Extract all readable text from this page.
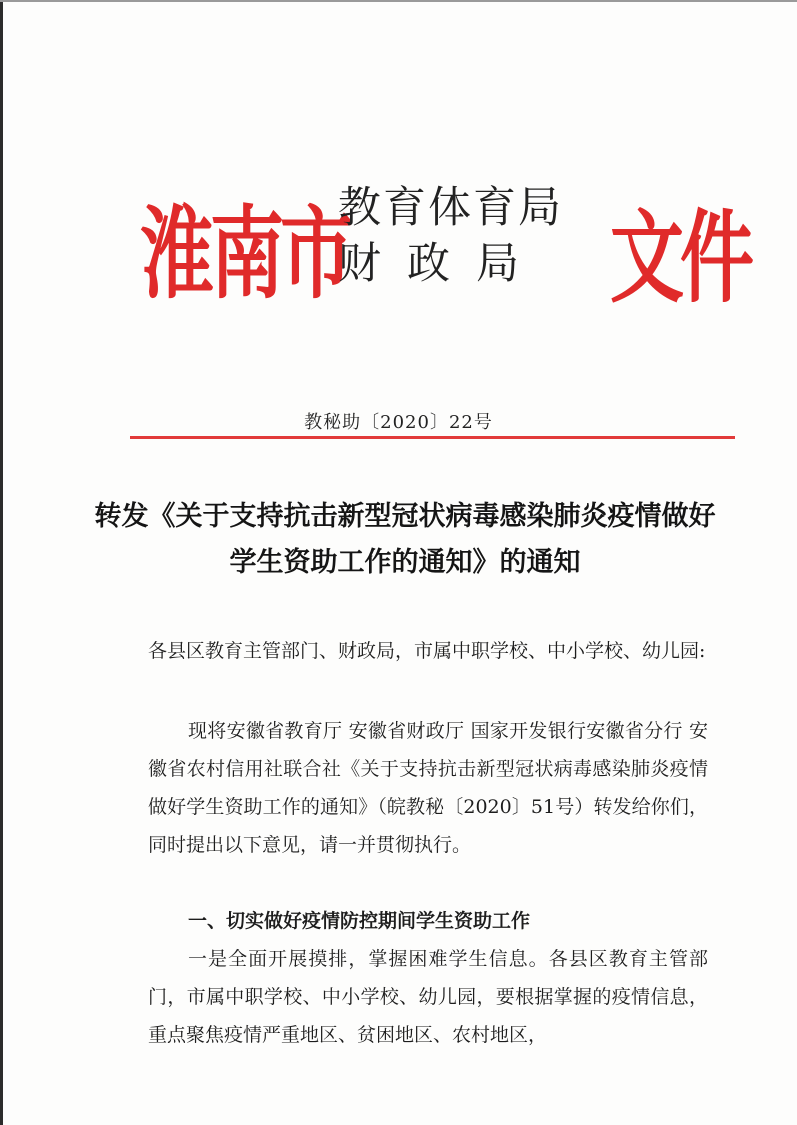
淮南市
教育体育局
财政局 文件
教秘助〔2020〕22号
转发《关于支持抗击新型冠状病毒感染肺炎疫情做好学生资助工作的通知》的通知
各县区教育主管部门、财政局，市属中职学校、中小学校、幼儿园:
现将安徽省教育厅 安徽省财政厅 国家开发银行安徽省分行 安徽省农村信用社联合社《关于支持抗击新型冠状病毒感染肺炎疫情做好学生资助工作的通知》（皖教秘〔2020〕51号）转发给你们，同时提出以下意见，请一并贯彻执行。
一、切实做好疫情防控期间学生资助工作
一是全面开展摸排，掌握困难学生信息。各县区教育主管部门，市属中职学校、中小学校、幼儿园，要根据掌握的疫情信息，重点聚焦疫情严重地区、贫困地区、农村地区，
